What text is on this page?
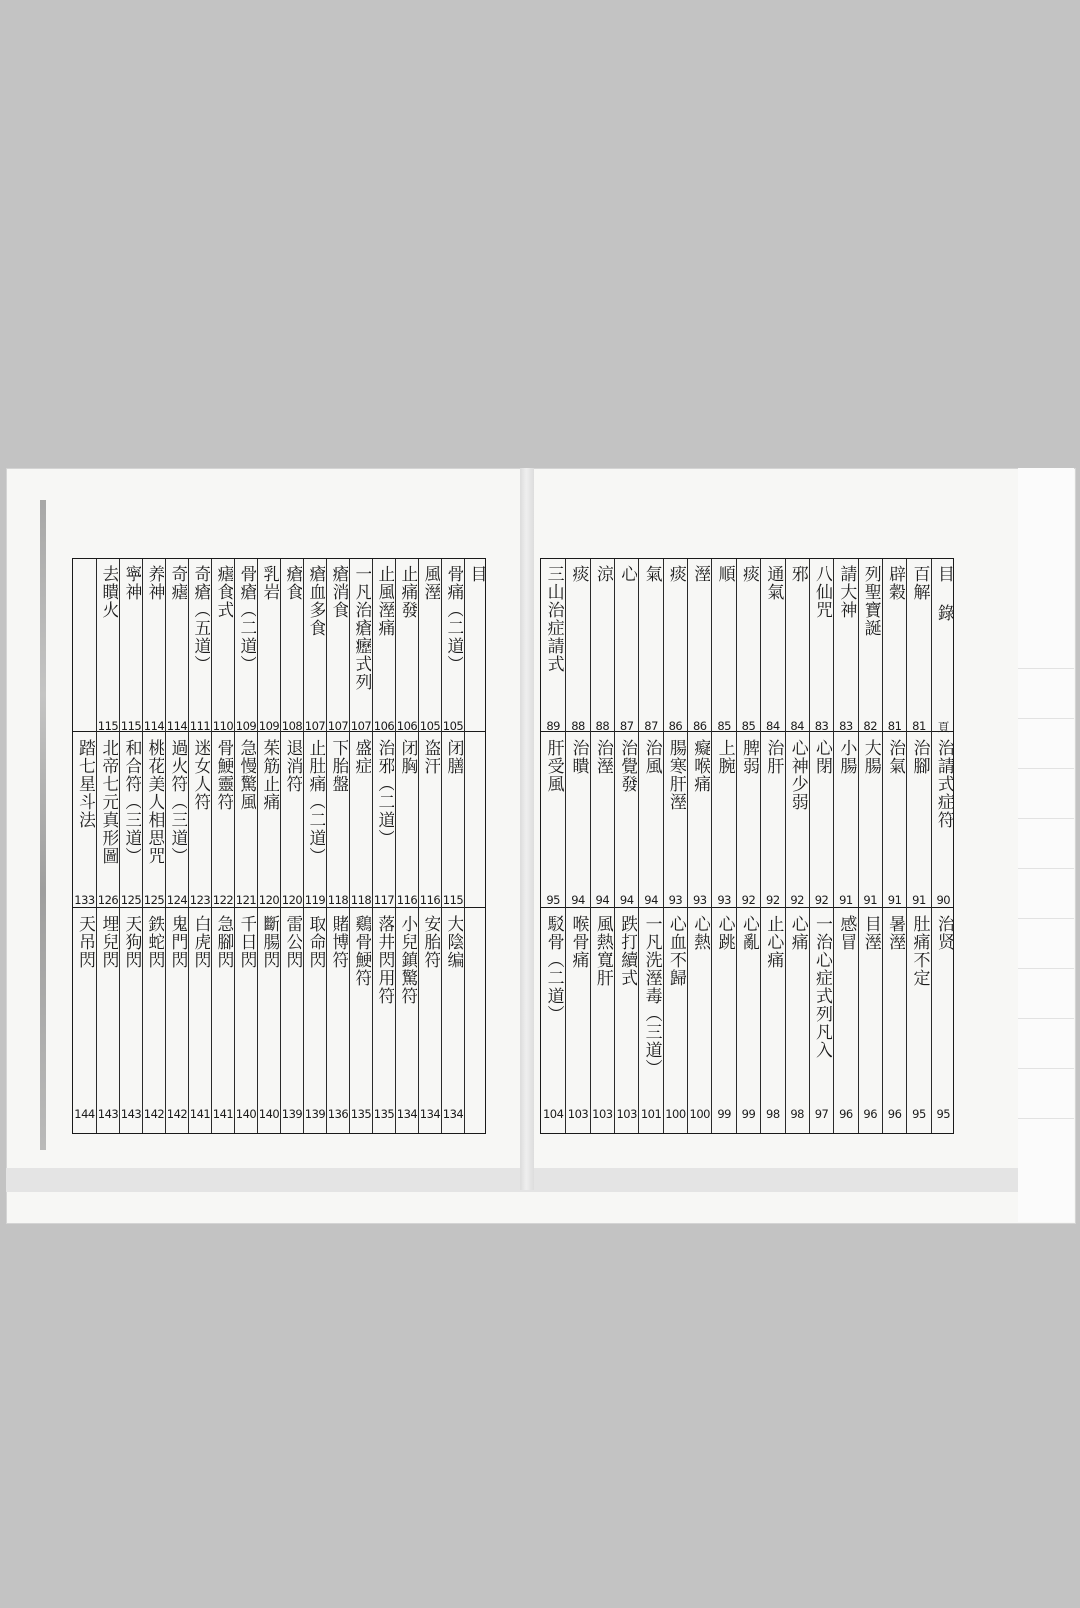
目
骨痛（二道）
105
闭膳
115
大陰编
134
風溼
105
盗汗
116
安胎符
134
止痛發
106
闭胸
116
小兒鎮驚符
134
止風溼痛
106
治邪（二道）
117
落井閃用符
135
一凡治瘡癧式列
107
盛症
118
鷄骨鯁符
135
瘡消食
107
下胎盤
118
賭博符
136
瘡血多食
107
止肚痛（二道）
119
取命閃
139
瘡食
108
退消符
120
雷公閃
139
乳岩
109
茱筋止痛
120
斷腸閃
140
骨瘡（二道）
109
急慢驚風
121
千日閃
140
瘧食式
110
骨鯁靈符
122
急腳閃
141
奇瘡（五道）
111
迷女人符
123
白虎閃
141
奇瘧
114
過火符（三道）
124
鬼門閃
142
养神
114
桃花美人相思咒
125
鉄蛇閃
142
寧神
115
和合符（三道）
125
天狗閃
143
去瞶火
115
北帝七元真形圖
126
埋兒閃
143
踏七星斗法
133
天吊閃
144
目 錄
頁
治請式症符
90
治贤
95
百解
81
治腳
91
肚痛不定
95
辟穀
81
治氣
91
暑溼
96
列聖寶誕
82
大腸
91
目溼
96
請大神
83
小腸
91
感冒
96
八仙咒
83
心閉
92
一治心症式列凡入
97
邪
84
心神少弱
92
心痛
98
通氣
84
治肝
92
止心痛
98
痰
85
脾弱
92
心亂
99
順
85
上腕
93
心跳
99
溼
86
癡喉痛
93
心熱
100
痰
86
腸寒肝溼
93
心血不歸
100
氣
87
治風
94
一凡洗溼毒（三道）
101
心
87
治覺發
94
跌打續式
103
涼
88
治溼
94
風熱寬肝
103
痰
88
治瞶
94
喉骨痛
103
三山治症請式
89
肝受風
95
駁骨（二道）
104
